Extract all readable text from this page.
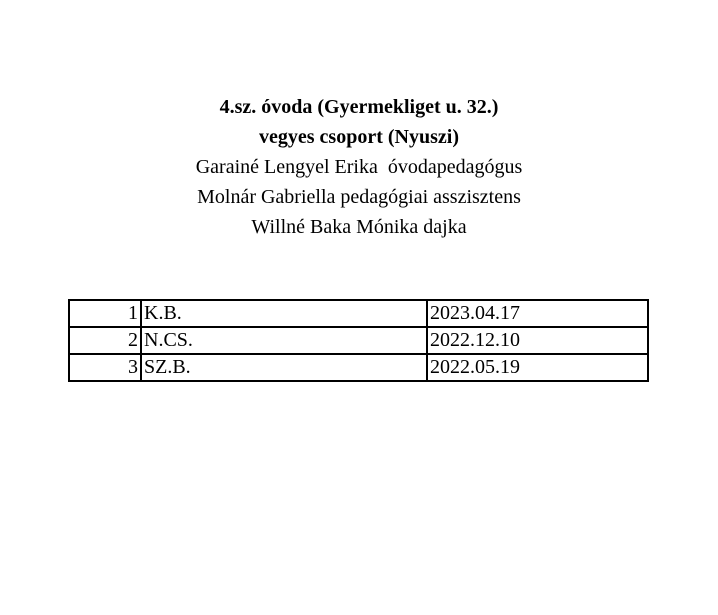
4.sz. óvoda (Gyermekliget u. 32.)
vegyes csoport (Nyuszi)
Garainé Lengyel Erika  óvodapedagógus
Molnár Gabriella pedagógiai asszisztens
Willné Baka Mónika dajka
1	K.B.	2023.04.17
2	N.CS.	2022.12.10
3	SZ.B.	2022.05.19
